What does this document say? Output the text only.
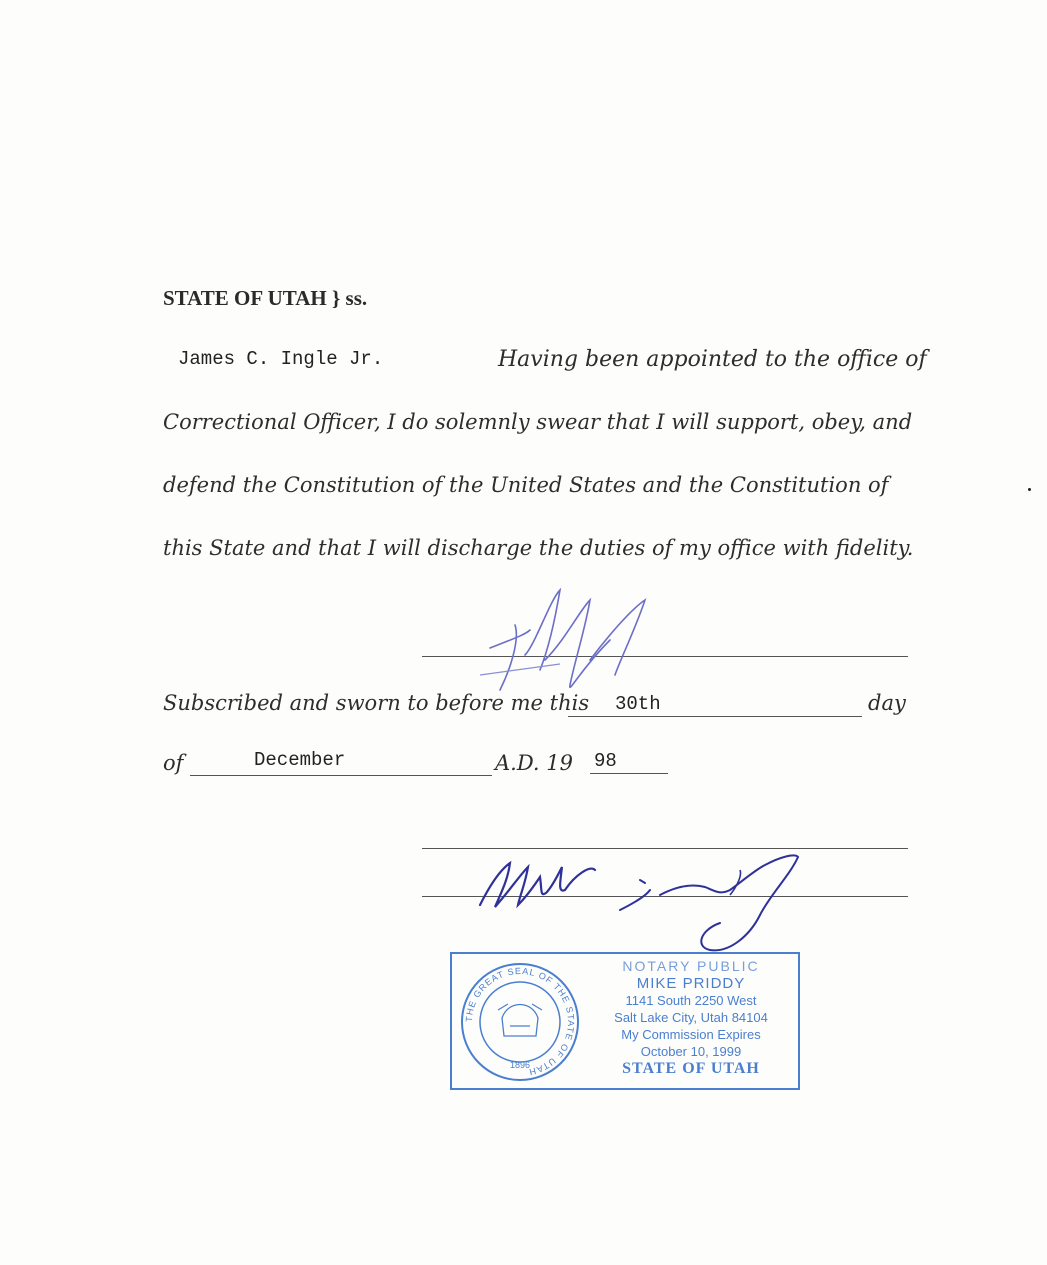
STATE OF UTAH } ss.
James C. Ingle Jr.	Having been appointed to the office of
Correctional Officer, I do solemnly swear that I will support, obey, and
defend the Constitution of the United States and the Constitution of
this State and that I will discharge the duties of my office with fidelity.
Subscribed and sworn to before me this 30th	day
of	December	A.D. 19 98
THE GREAT SEAL OF THE STATE OF UTAH
1896
NOTARY PUBLIC
MIKE PRIDDY
1141 South 2250 West
Salt Lake City, Utah 84104
My Commission Expires
October 10, 1999
STATE OF UTAH
